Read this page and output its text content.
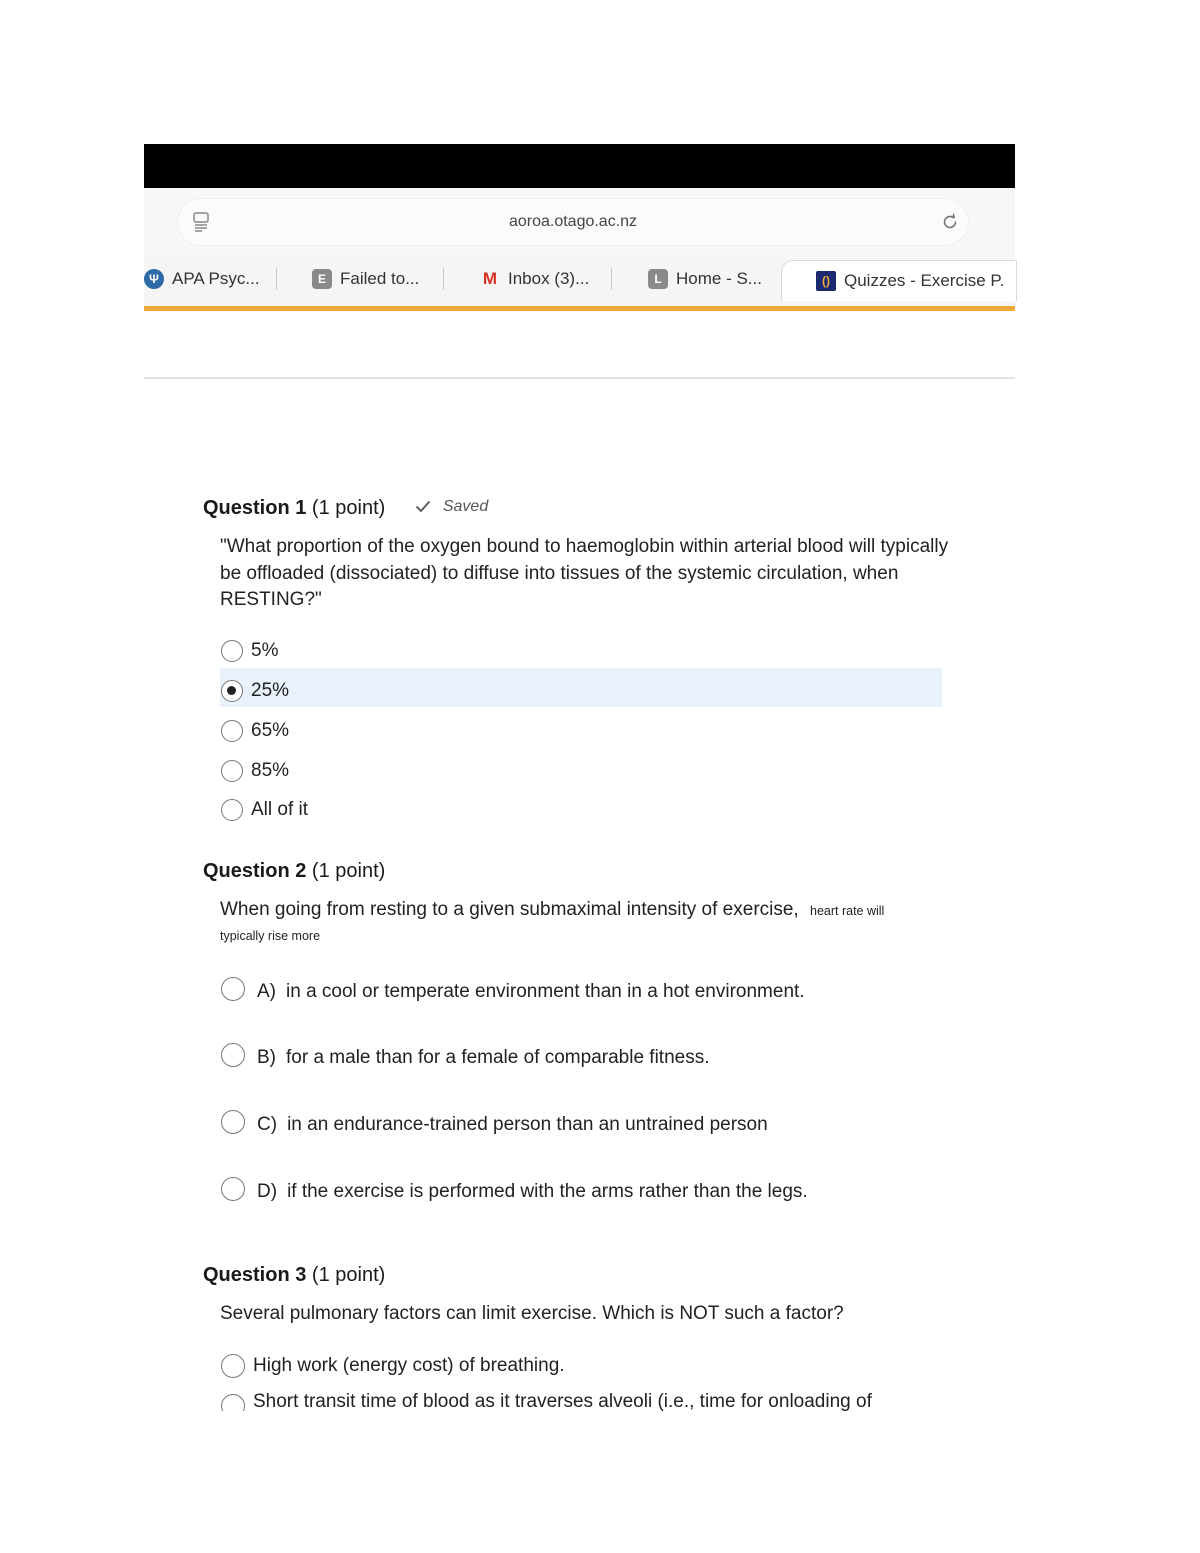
aoroa.otago.ac.nz
Ψ APA Psyc...	E Failed to...	M Inbox (3)...	L Home - S...	() Quizzes - Exercise P.
Question 1 (1 point)	Saved
"What proportion of the oxygen bound to haemoglobin within arterial blood will typically be offloaded (dissociated) to diffuse into tissues of the systemic circulation, when RESTING?"
5%
25%
65%
85%
All of it
Question 2 (1 point)
When going from resting to a given submaximal intensity of exercise, heart rate will
typically rise more
A) in a cool or temperate environment than in a hot environment.
B) for a male than for a female of comparable fitness.
C) in an endurance-trained person than an untrained person
D) if the exercise is performed with the arms rather than the legs.
Question 3 (1 point)
Several pulmonary factors can limit exercise. Which is NOT such a factor?
High work (energy cost) of breathing.
Short transit time of blood as it traverses alveoli (i.e., time for onloading of
